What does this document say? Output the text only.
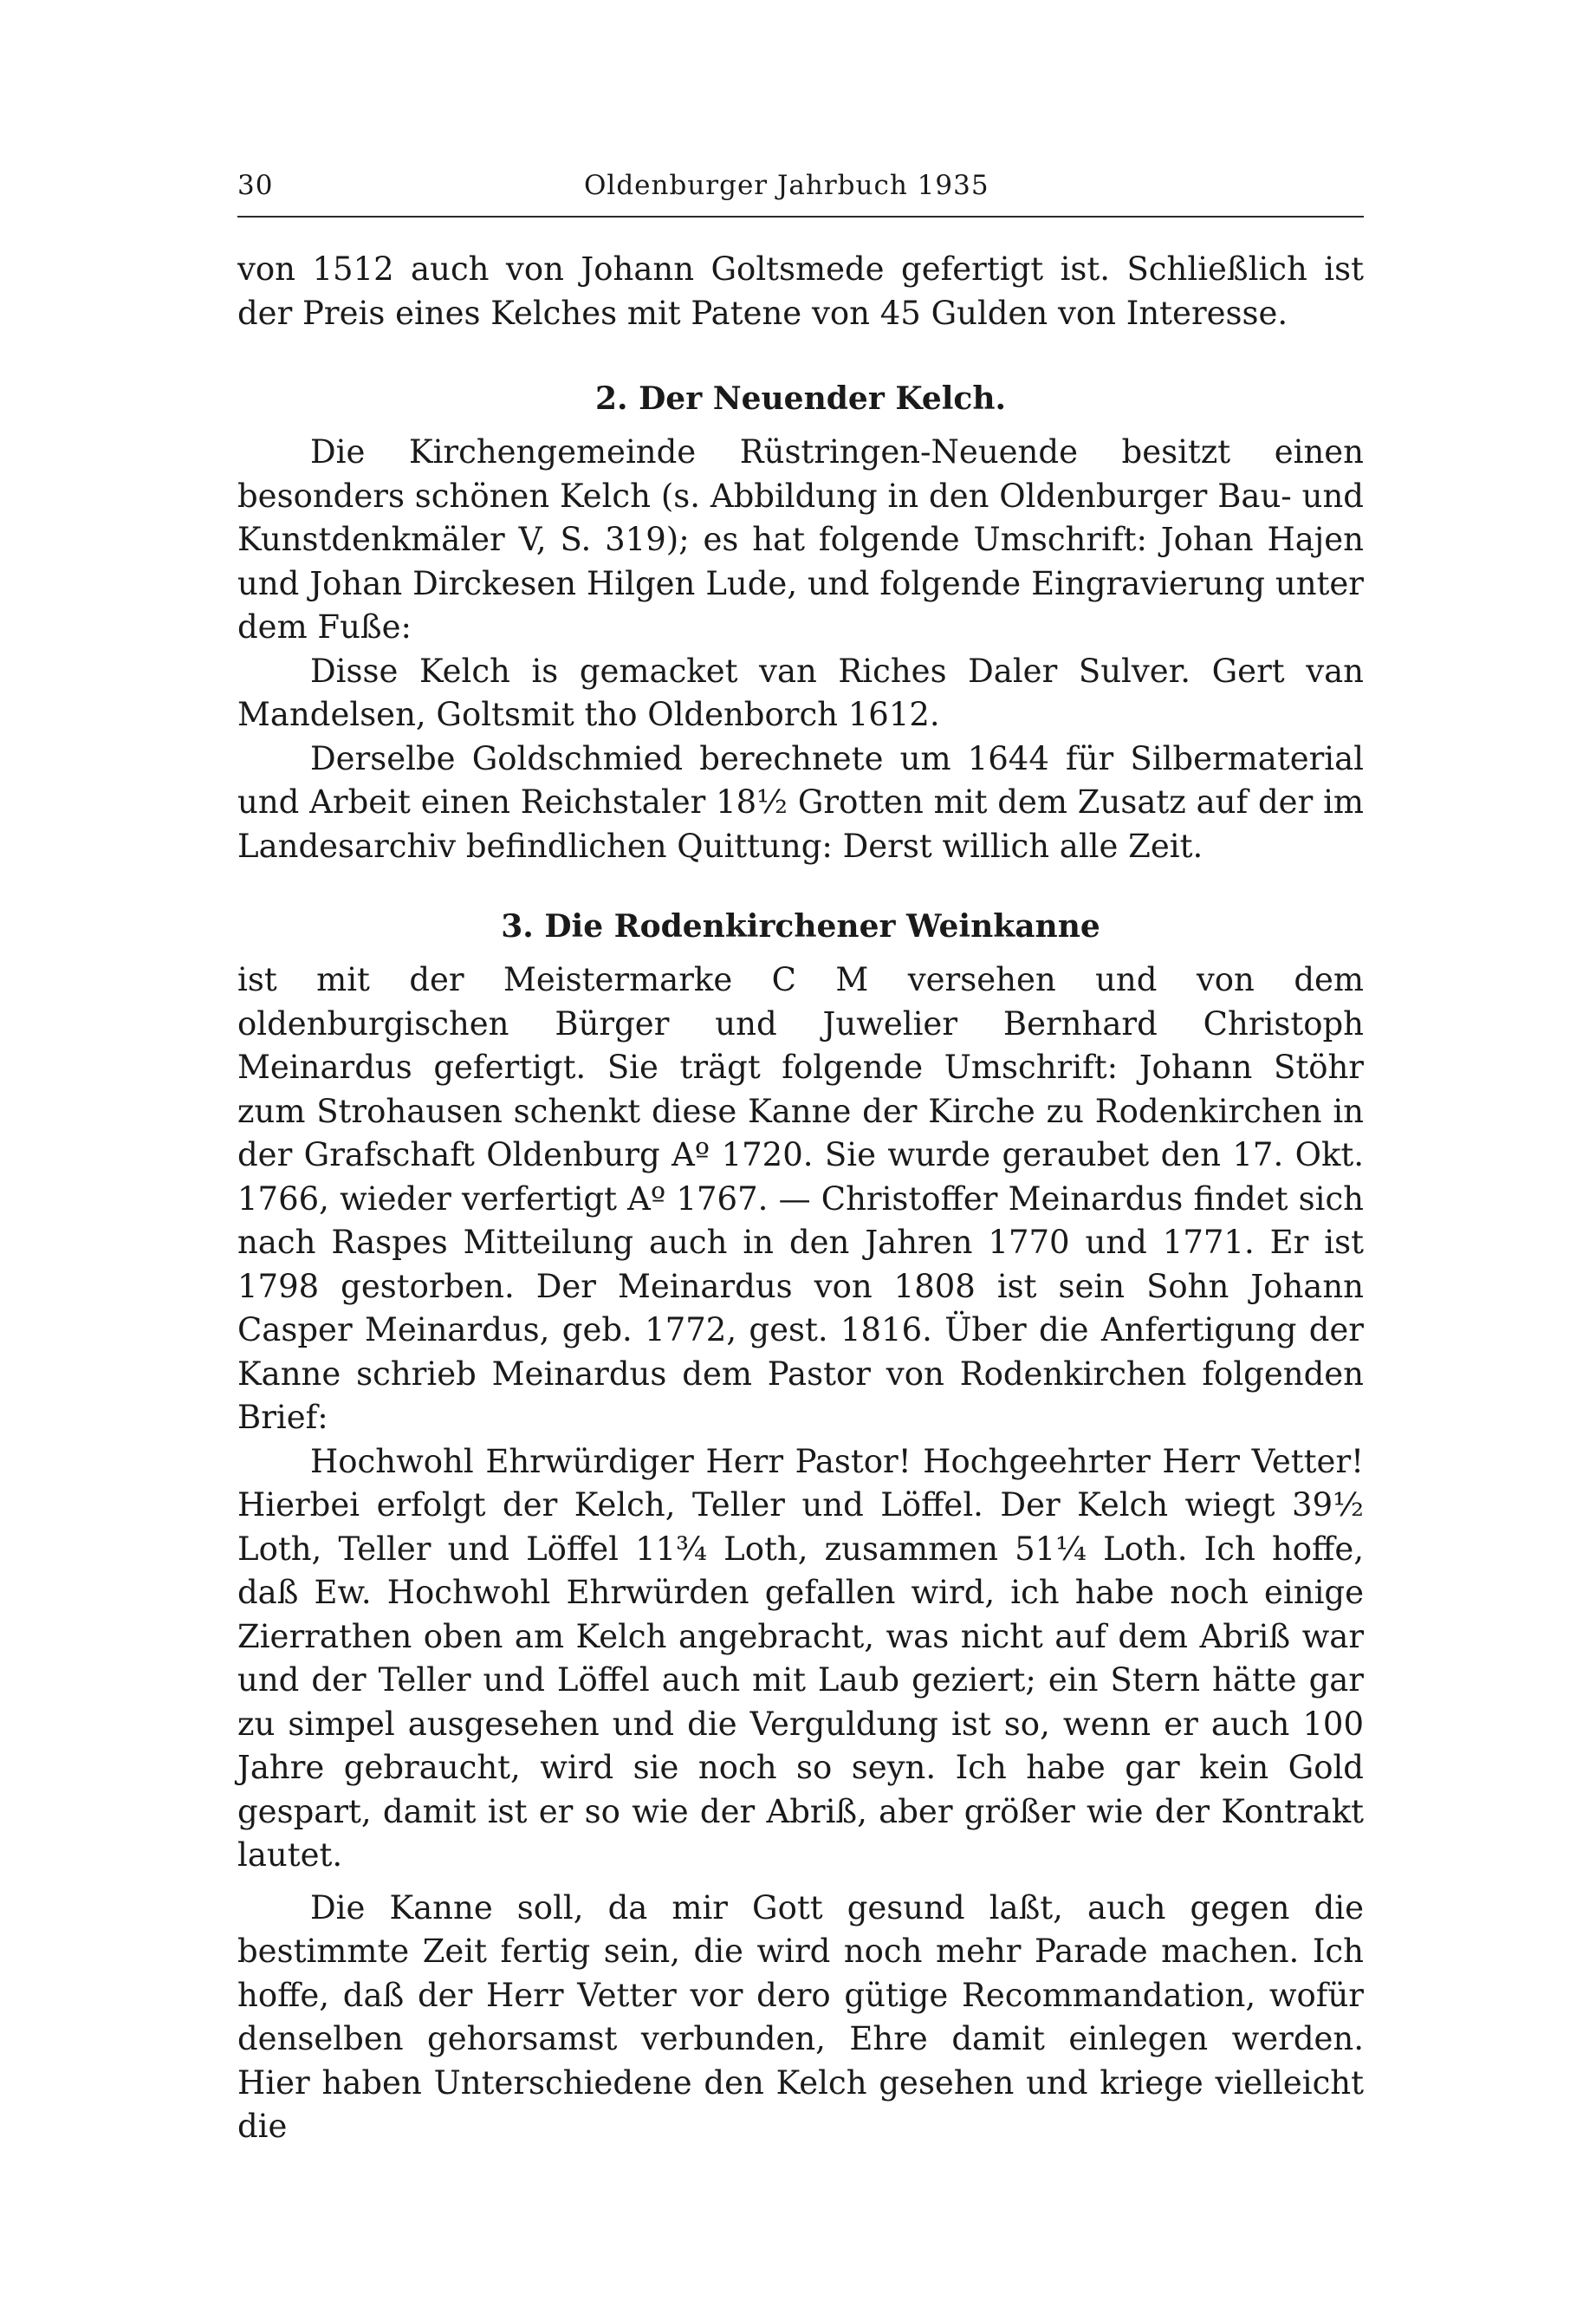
30	Oldenburger Jahrbuch 1935

von 1512 auch von Johann Goltsmede gefertigt ist. Schließlich ist der Preis eines Kelches mit Patene von 45 Gulden von Interesse.

2. Der Neuender Kelch.

Die Kirchengemeinde Rüstringen-Neuende besitzt einen besonders schönen Kelch (s. Abbildung in den Oldenburger Bau- und Kunstdenkmäler V, S. 319); es hat folgende Umschrift: Johan Hajen und Johan Dirckesen Hilgen Lude, und folgende Eingravierung unter dem Fuße:

Disse Kelch is gemacket van Riches Daler Sulver. Gert van Mandelsen, Goltsmit tho Oldenborch 1612.

Derselbe Goldschmied berechnete um 1644 für Silbermaterial und Arbeit einen Reichstaler 18½ Grotten mit dem Zusatz auf der im Landesarchiv befindlichen Quittung: Derst willich alle Zeit.

3. Die Rodenkirchener Weinkanne

ist mit der Meistermarke C M versehen und von dem oldenburgischen Bürger und Juwelier Bernhard Christoph Meinardus gefertigt. Sie trägt folgende Umschrift: Johann Stöhr zum Strohausen schenkt diese Kanne der Kirche zu Rodenkirchen in der Grafschaft Oldenburg Aº 1720. Sie wurde geraubet den 17. Okt. 1766, wieder verfertigt Aº 1767. — Christoffer Meinardus findet sich nach Raspes Mitteilung auch in den Jahren 1770 und 1771. Er ist 1798 gestorben. Der Meinardus von 1808 ist sein Sohn Johann Casper Meinardus, geb. 1772, gest. 1816. Über die Anfertigung der Kanne schrieb Meinardus dem Pastor von Rodenkirchen folgenden Brief:

Hochwohl Ehrwürdiger Herr Pastor! Hochgeehrter Herr Vetter! Hierbei erfolgt der Kelch, Teller und Löffel. Der Kelch wiegt 39½ Loth, Teller und Löffel 11¾ Loth, zusammen 51¼ Loth. Ich hoffe, daß Ew. Hochwohl Ehrwürden gefallen wird, ich habe noch einige Zierrathen oben am Kelch angebracht, was nicht auf dem Abriß war und der Teller und Löffel auch mit Laub geziert; ein Stern hätte gar zu simpel ausgesehen und die Verguldung ist so, wenn er auch 100 Jahre gebraucht, wird sie noch so seyn. Ich habe gar kein Gold gespart, damit ist er so wie der Abriß, aber größer wie der Kontrakt lautet.

Die Kanne soll, da mir Gott gesund laßt, auch gegen die bestimmte Zeit fertig sein, die wird noch mehr Parade machen. Ich hoffe, daß der Herr Vetter vor dero gütige Recommandation, wofür denselben gehorsamst verbunden, Ehre damit einlegen werden. Hier haben Unterschiedene den Kelch gesehen und kriege vielleicht die
